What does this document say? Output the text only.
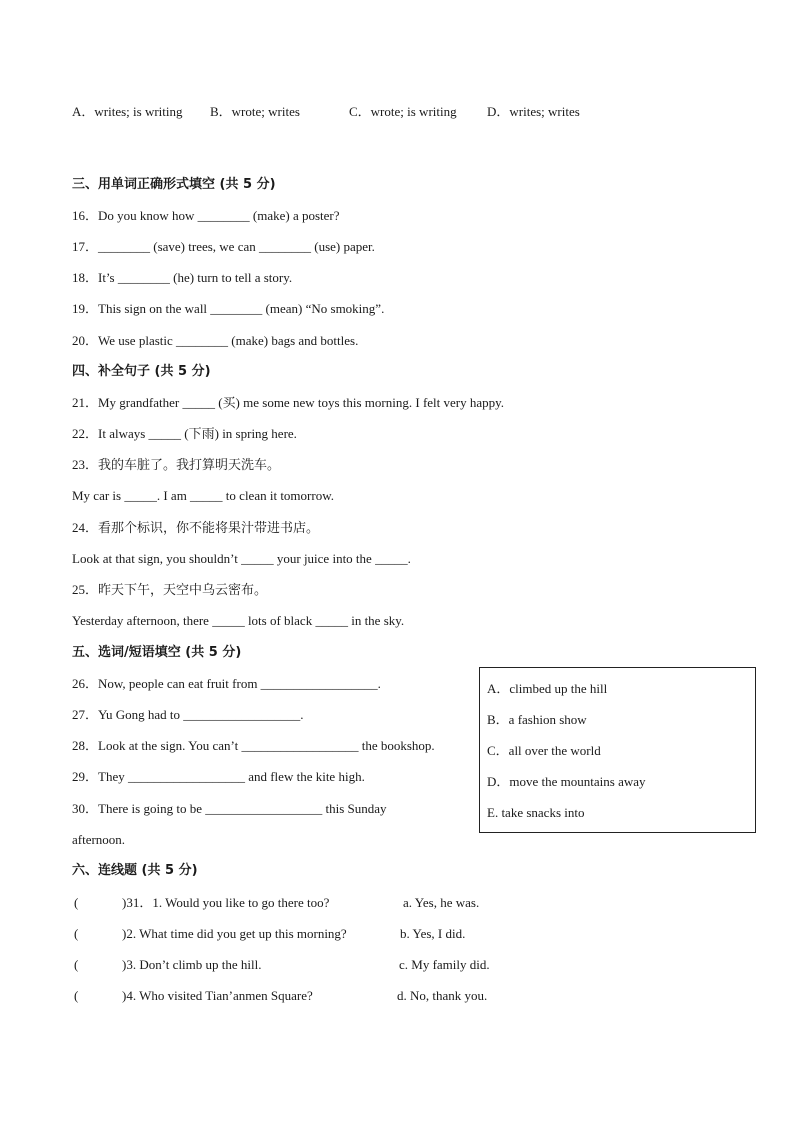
A．writes; is writing B．wrote; writes	C．wrote; is writing D．writes; writes
三、用单词正确形式填空 (共 5 分)
16．Do you know how ________ (make) a poster?
17．________ (save) trees, we can ________ (use) paper.
18．It’s ________ (he) turn to tell a story.
19．This sign on the wall ________ (mean) “No smoking”.
20．We use plastic ________ (make) bags and bottles.
四、补全句子 (共 5 分)
21．My grandfather _____ (买) me some new toys this morning. I felt very happy.
22．It always _____ (下雨) in spring here.
23．我的车脏了。我打算明天洗车。
My car is _____. I am _____ to clean it tomorrow.
24．看那个标识，你不能将果汁带进书店。
Look at that sign, you shouldn’t _____ your juice into the _____.
25．昨天下午，天空中乌云密布。
Yesterday afternoon, there _____ lots of black _____ in the sky.
五、选词/短语填空 (共 5 分)
26．Now, people can eat fruit from __________________.
27．Yu Gong had to __________________.
28．Look at the sign. You can’t __________________ the bookshop.
29．They __________________ and flew the kite high.
30．There is going to be __________________ this Sunday
afternoon.
A．climbed up the hill
B．a fashion show
C．all over the world
D．move the mountains away
E. take snacks into
六、连线题 (共 5 分)
(	)31．1. Would you like to go there too?	a. Yes, he was.
(	)2. What time did you get up this morning?	b. Yes, I did.
(	)3. Don’t climb up the hill.	c. My family did.
(	)4. Who visited Tian’anmen Square?	d. No, thank you.
